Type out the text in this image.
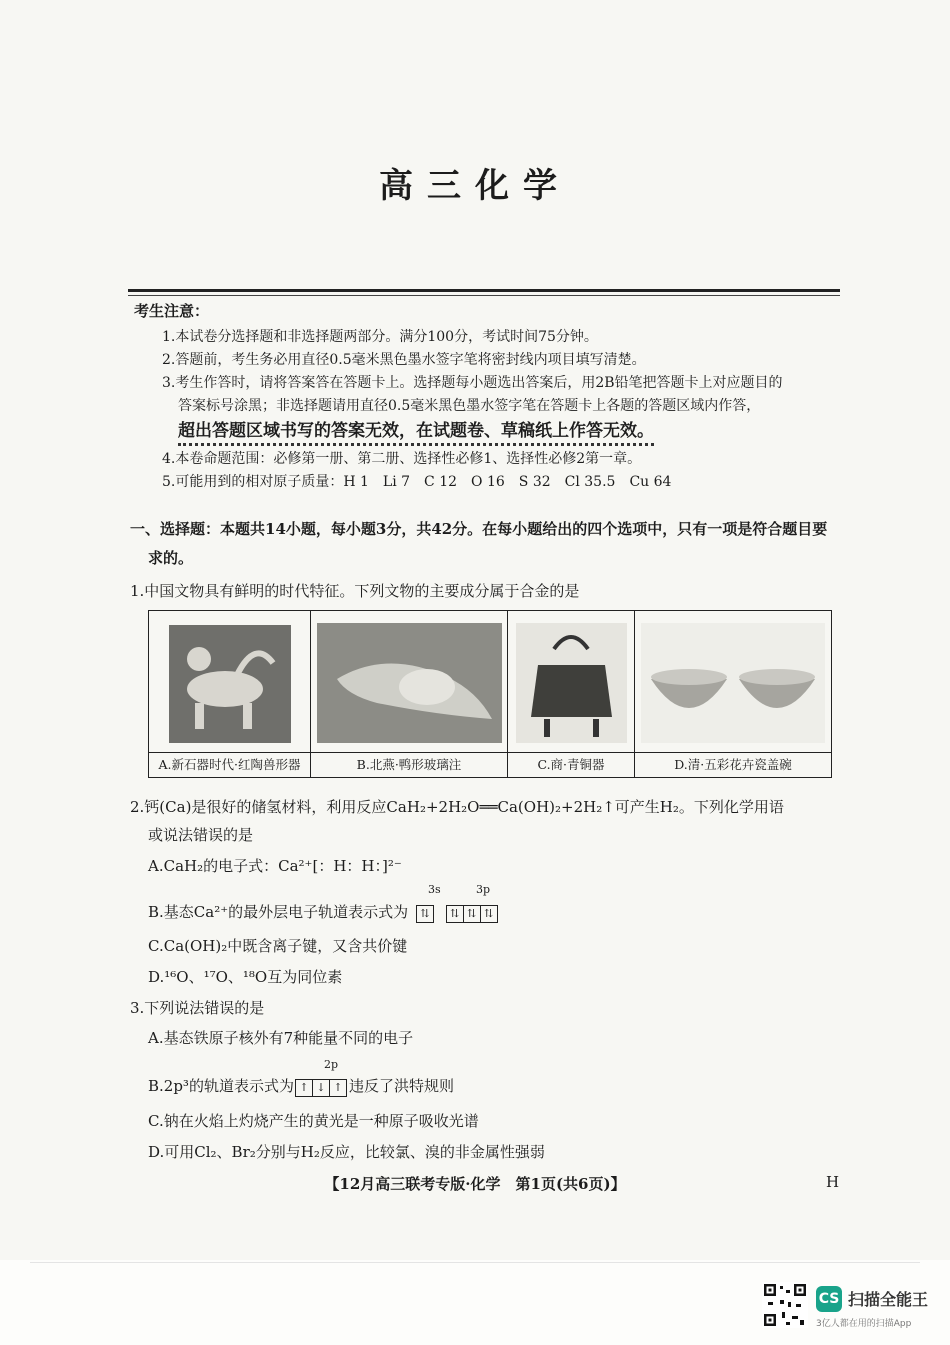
高三化学
考生注意：
1.本试卷分选择题和非选择题两部分。满分100分，考试时间75分钟。
2.答题前，考生务必用直径0.5毫米黑色墨水签字笔将密封线内项目填写清楚。
3.考生作答时，请将答案答在答题卡上。选择题每小题选出答案后，用2B铅笔把答题卡上对应题目的
答案标号涂黑；非选择题请用直径0.5毫米黑色墨水签字笔在答题卡上各题的答题区域内作答，
超出答题区域书写的答案无效，在试题卷、草稿纸上作答无效。
4.本卷命题范围：必修第一册、第二册、选择性必修1、选择性必修2第一章。
5.可能用到的相对原子质量：H 1　Li 7　C 12　O 16　S 32　Cl 35.5　Cu 64
一、选择题：本题共14小题，每小题3分，共42分。在每小题给出的四个选项中，只有一项是符合题目要
求的。
1.中国文物具有鲜明的时代特征。下列文物的主要成分属于合金的是
A.新石器时代·红陶兽形器	B.北燕·鸭形玻璃注	C.商·青铜器	D.清·五彩花卉瓷盖碗
2.钙(Ca)是很好的储氢材料，利用反应CaH₂+2H₂O══Ca(OH)₂+2H₂↑可产生H₂。下列化学用语
或说法错误的是
A.CaH₂的电子式：Ca²⁺[：H：H：]²⁻
3s	3p
B.基态Ca²⁺的最外层电子轨道表示式为 ⇅ ⇅ ⇅ ⇅
C.Ca(OH)₂中既含离子键，又含共价键
D.¹⁶O、¹⁷O、¹⁸O互为同位素
3.下列说法错误的是
A.基态铁原子核外有7种能量不同的电子
2p
B.2p³的轨道表示式为 ↑ ↓ ↑ 违反了洪特规则
C.钠在火焰上灼烧产生的黄光是一种原子吸收光谱
D.可用Cl₂、Br₂分别与H₂反应，比较氯、溴的非金属性强弱
【12月高三联考专版·化学　第1页(共6页)】	H
CS 扫描全能王
3亿人都在用的扫描App
